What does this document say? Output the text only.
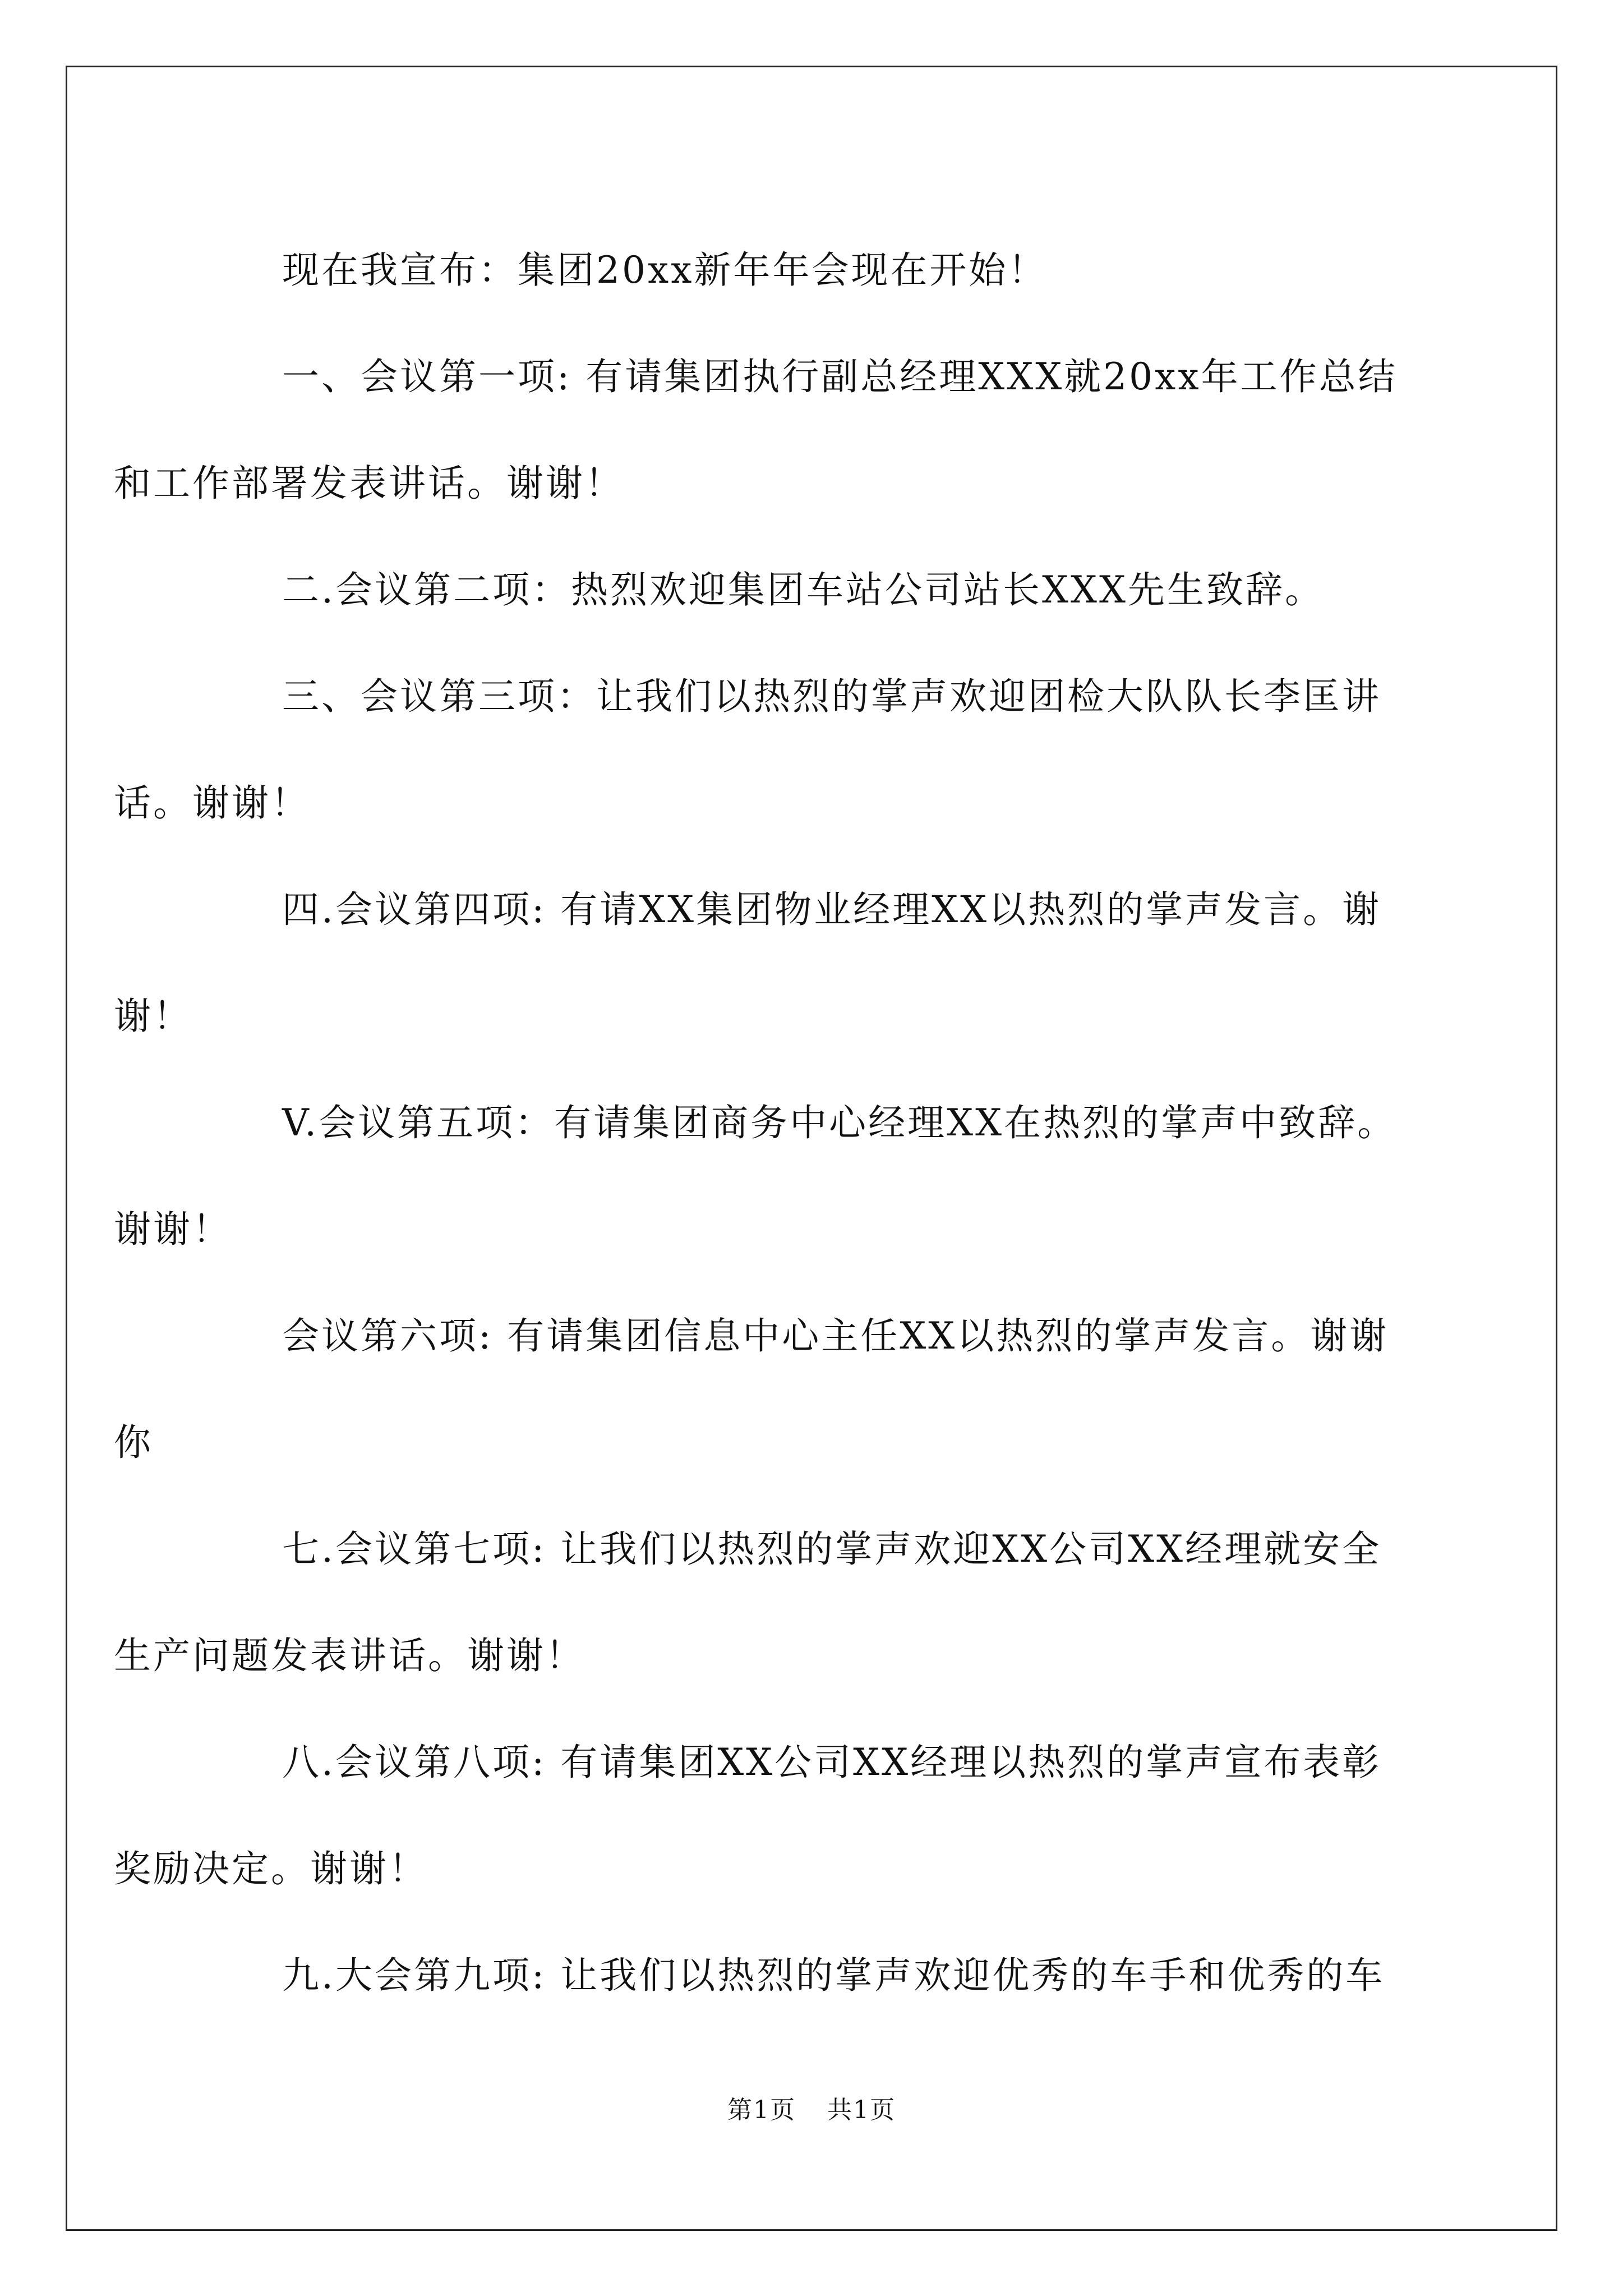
现在我宣布：集团20xx新年年会现在开始！

一、会议第一项: 有请集团执行副总经理XXX就20xx年工作总结
和工作部署发表讲话。谢谢！

二.会议第二项：热烈欢迎集团车站公司站长XXX先生致辞。

三、会议第三项：让我们以热烈的掌声欢迎团检大队队长李匡讲
话。谢谢！

四.会议第四项: 有请XX集团物业经理XX以热烈的掌声发言。谢
谢！

V.会议第五项：有请集团商务中心经理XX在热烈的掌声中致辞。
谢谢！

会议第六项: 有请集团信息中心主任XX以热烈的掌声发言。谢谢
你

七.会议第七项: 让我们以热烈的掌声欢迎XX公司XX经理就安全
生产问题发表讲话。谢谢！

八.会议第八项: 有请集团XX公司XX经理以热烈的掌声宣布表彰
奖励决定。谢谢！

九.大会第九项: 让我们以热烈的掌声欢迎优秀的车手和优秀的车

第1页 共1页
